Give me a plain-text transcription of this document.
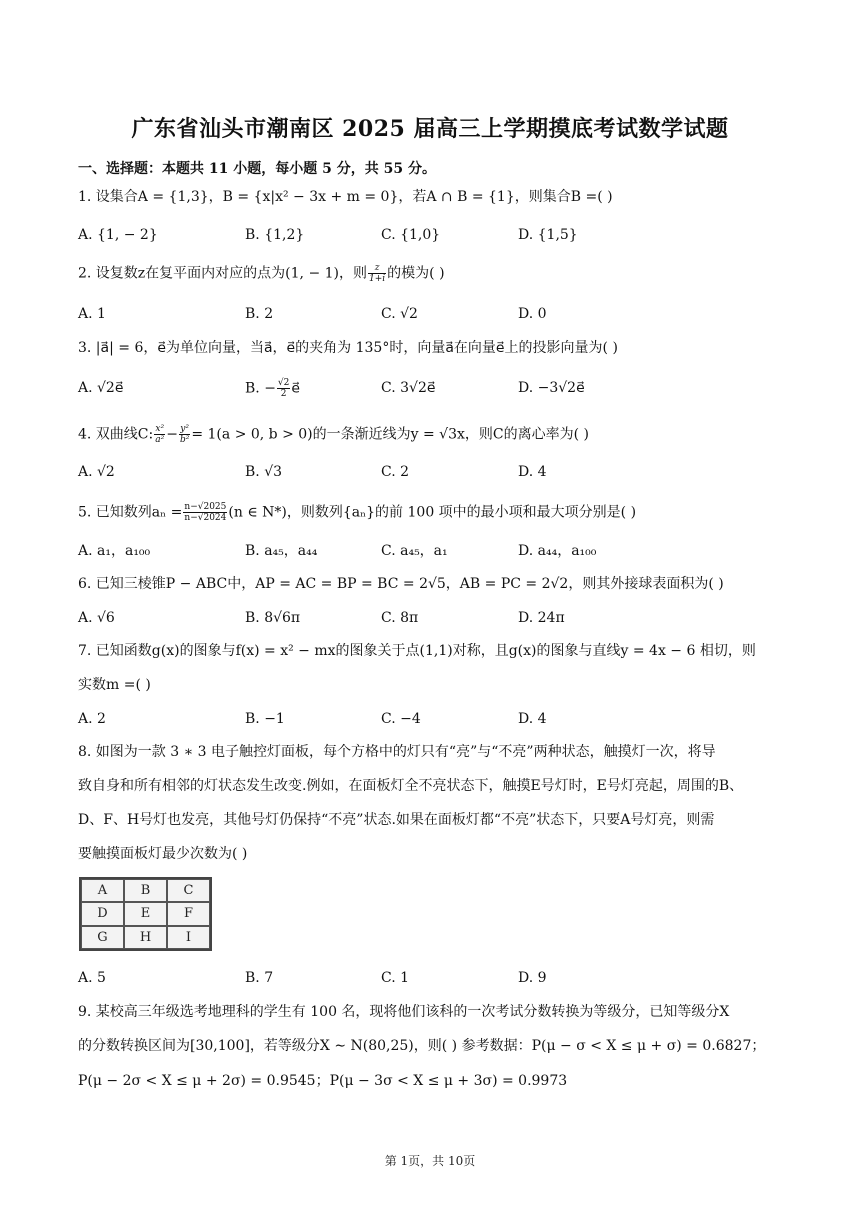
广东省汕头市潮南区 2025 届高三上学期摸底考试数学试题
一、选择题：本题共 11 小题，每小题 5 分，共 55 分。
1. 设集合A = {1,3}，B = {x|x² − 3x + m = 0}，若A ∩ B = {1}，则集合B =( )
A. {1, − 2}	B. {1,2}	C. {1,0}	D. {1,5}
2. 设复数z在复平面内对应的点为(1, − 1)，则 $\frac{z}{1+i}$ 的模为( )
A. 1	B. 2	C. √2	D. 0
3. |a⃗| = 6，e⃗为单位向量，当a⃗，e⃗的夹角为 135°时，向量a⃗在向量e⃗上的投影向量为( )
A. √2e⃗	B. − $\frac{√2}{2}$ e⃗	C. 3√2e⃗	D. −3√2e⃗
4. 双曲线C: $\frac{\text{x²}}{\text{a²}} - \frac{\text{y²}}{\text{b²}} = 1(a > 0$, b > 0)的一条渐近线为y = √3x，则C的离心率为( )
A. √2	B. √3	C. 2	D. 4
5. 已知数列$a_n = \frac{n-√2025}{n-√2024} (n$ ∈ N*)，则数列{aₙ}的前 100 项中的最小项和最大项分别是( )
A. a₁，a₁₀₀	B. a₄₅，a₄₄	C. a₄₅，a₁	D. a₄₄，a₁₀₀
6. 已知三棱锥P − ABC中，AP = AC = BP = BC = 2√5，AB = PC = 2√2，则其外接球表面积为( )
A. √6	B. 8√6π	C. 8π	D. 24π
7. 已知函数g(x)的图象与f(x) = x² − mx的图象关于点(1,1)对称，且g(x)的图象与直线y = 4x − 6 相切，则
实数m =( )
A. 2	B. −1	C. −4	D. 4
8. 如图为一款 3 ∗ 3 电子触控灯面板，每个方格中的灯只有“亮”与“不亮”两种状态，触摸灯一次，将导
致自身和所有相邻的灯状态发生改变.例如，在面板灯全不亮状态下，触摸E号灯时，E号灯亮起，周围的B、
D、F、H号灯也发亮，其他号灯仍保持“不亮”状态.如果在面板灯都“不亮”状态下，只要A号灯亮，则需
要触摸面板灯最少次数为( )
A	B	C
D	E	F
G	H	I
A. 5	B. 7	C. 1	D. 9
9. 某校高三年级选考地理科的学生有 100 名，现将他们该科的一次考试分数转换为等级分，已知等级分X
的分数转换区间为[30,100]，若等级分X ∼ N(80,25)，则( ) 参考数据：P(μ − σ < X ≤ μ + σ) = 0.6827；
P(μ − 2σ < X ≤ μ + 2σ) = 0.9545；P(μ − 3σ < X ≤ μ + 3σ) = 0.9973
第 1页，共 10页
